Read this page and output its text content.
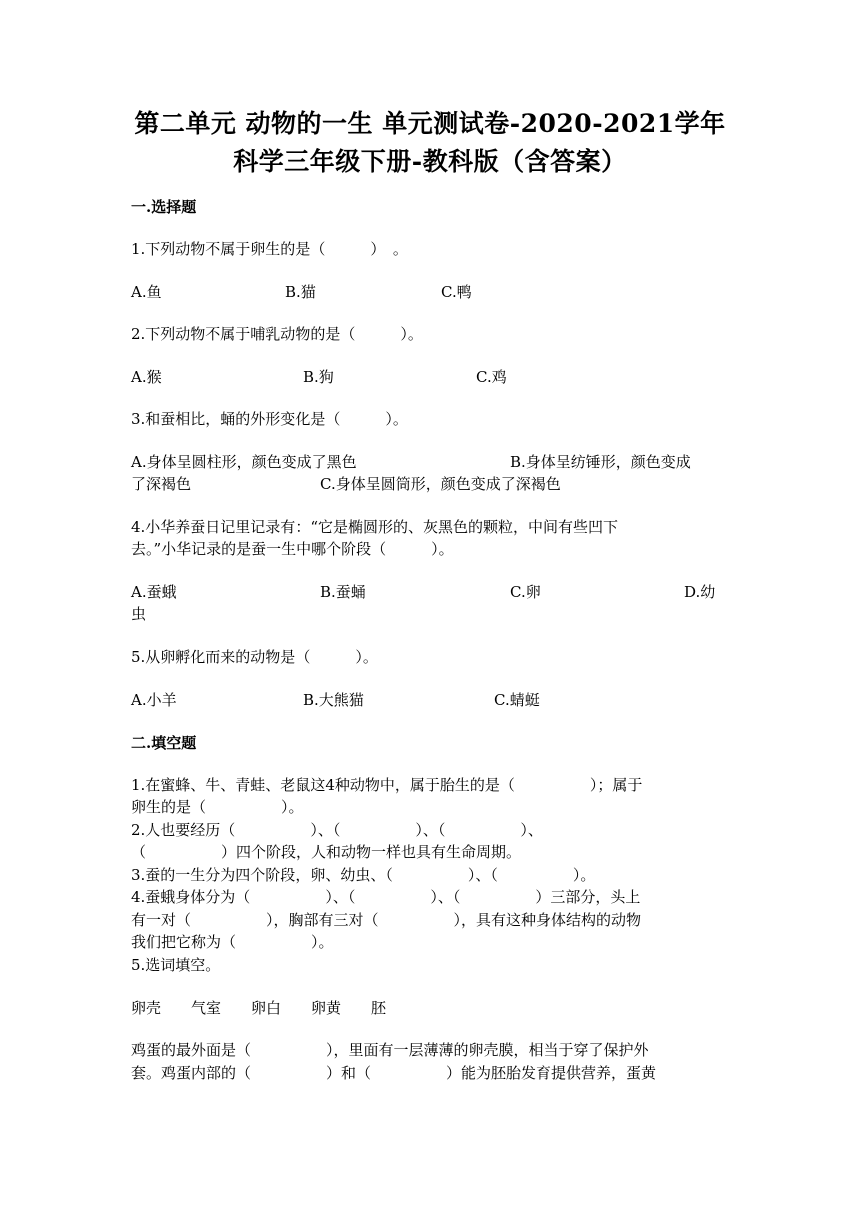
第二单元 动物的一生 单元测试卷-2020-2021学年
科学三年级下册-教科版（含答案）
一.选择题
1.下列动物不属于卵生的是（　　　）　。
A.鱼	B.猫	C.鸭
2.下列动物不属于哺乳动物的是（　　　）。
A.猴	B.狗	C.鸡
3.和蚕相比，蛹的外形变化是（　　　）。
A.身体呈圆柱形，颜色变成了黑色	B.身体呈纺锤形，颜色变成
了深褐色	C.身体呈圆筒形，颜色变成了深褐色
4.小华养蚕日记里记录有：“它是椭圆形的、灰黑色的颗粒，中间有些凹下
去。”小华记录的是蚕一生中哪个阶段（　　　）。
A.蚕蛾	B.蚕蛹	C.卵	D.幼
虫
5.从卵孵化而来的动物是（　　　）。
A.小羊	B.大熊猫	C.蜻蜓
二.填空题
1.在蜜蜂、牛、青蛙、老鼠这4种动物中，属于胎生的是（　　　　　）；属于
卵生的是（　　　　　）。
2.人也要经历（　　　　　）、（　　　　　）、（　　　　　）、
（　　　　　）四个阶段，人和动物一样也具有生命周期。
3.蚕的一生分为四个阶段，卵、幼虫、（　　　　　）、（　　　　　）。
4.蚕蛾身体分为（　　　　　）、（　　　　　）、（　　　　　）三部分，头上
有一对（　　　　　），胸部有三对（　　　　　），具有这种身体结构的动物
我们把它称为（　　　　　）。
5.选词填空。
卵壳　　气室　　卵白　　卵黄　　胚
鸡蛋的最外面是（　　　　　），里面有一层薄薄的卵壳膜，相当于穿了保护外
套。鸡蛋内部的（　　　　　）和（　　　　　）能为胚胎发育提供营养，蛋黄
